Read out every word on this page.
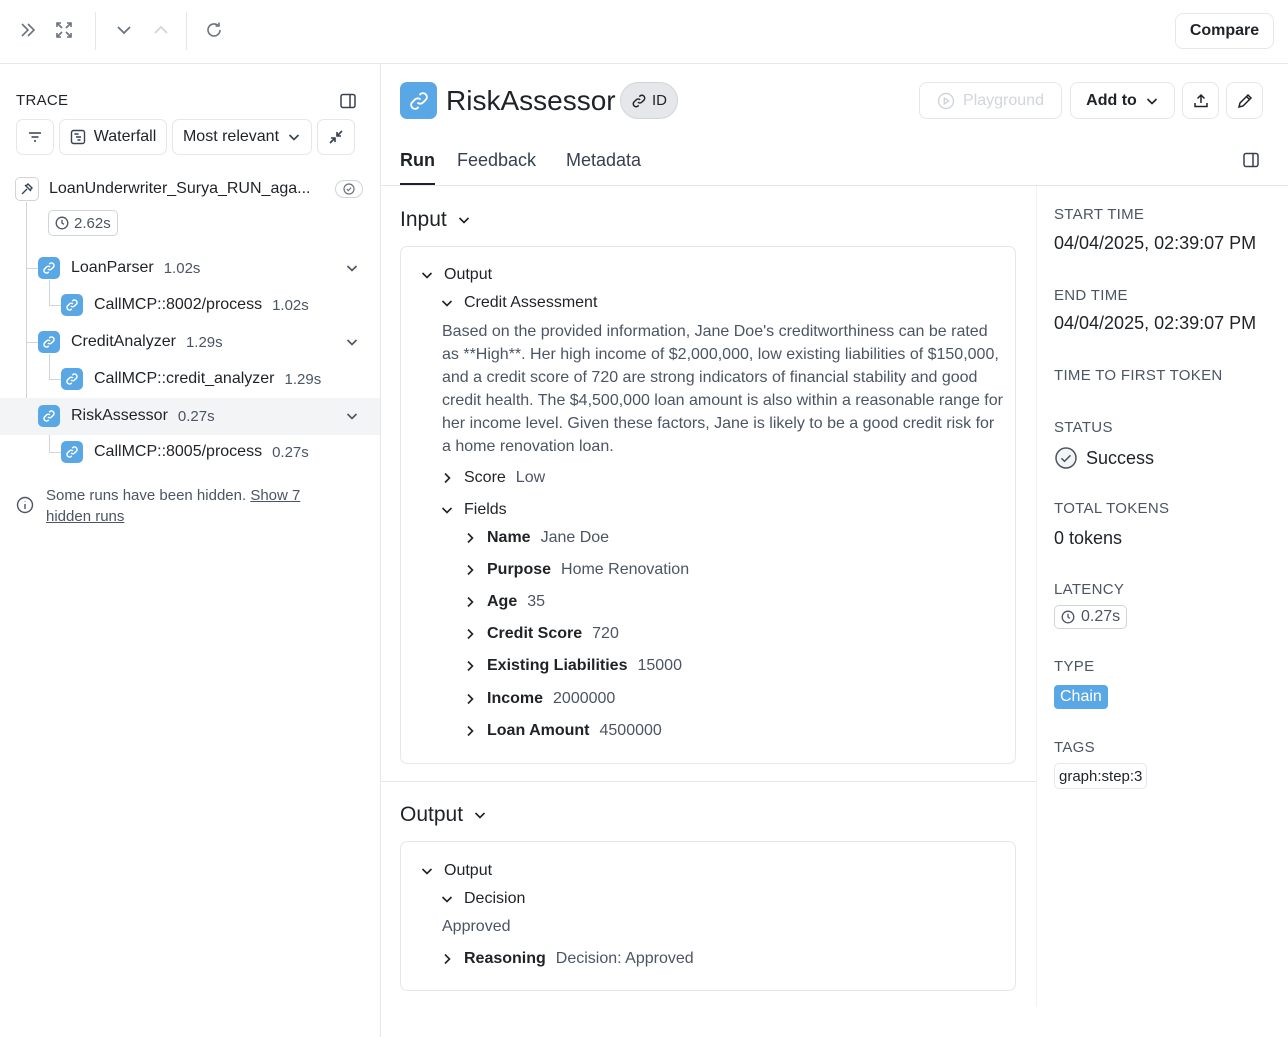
Compare
TRACE
Waterfall Most relevant
LoanUnderwriter_Surya_RUN_aga...
2.62s
LoanParser 1.02s
CallMCP::8002/process 1.02s
CreditAnalyzer 1.29s
CallMCP::credit_analyzer 1.29s
RiskAssessor 0.27s
CallMCP::8005/process 0.27s
Some runs have been hidden. Show 7 hidden runs
RiskAssessor ID	Playground	Add to
Run Feedback Metadata
Input
Output
Credit Assessment
Based on the provided information, Jane Doe's creditworthiness can be rated as **High**. Her high income of $2,000,000, low existing liabilities of $150,000, and a credit score of 720 are strong indicators of financial stability and good credit health. The $4,500,000 loan amount is also within a reasonable range for her income level. Given these factors, Jane is likely to be a good credit risk for a home renovation loan.
Score Low
Fields
Name Jane Doe
Purpose Home Renovation
Age 35
Credit Score 720
Existing Liabilities 15000
Income 2000000
Loan Amount 4500000
Output
Output
Decision
Approved
Reasoning Decision: Approved
START TIME
04/04/2025, 02:39:07 PM
END TIME
04/04/2025, 02:39:07 PM
TIME TO FIRST TOKEN
STATUS
Success
TOTAL TOKENS
0 tokens
LATENCY
0.27s
TYPE
Chain
TAGS
graph:step:3
